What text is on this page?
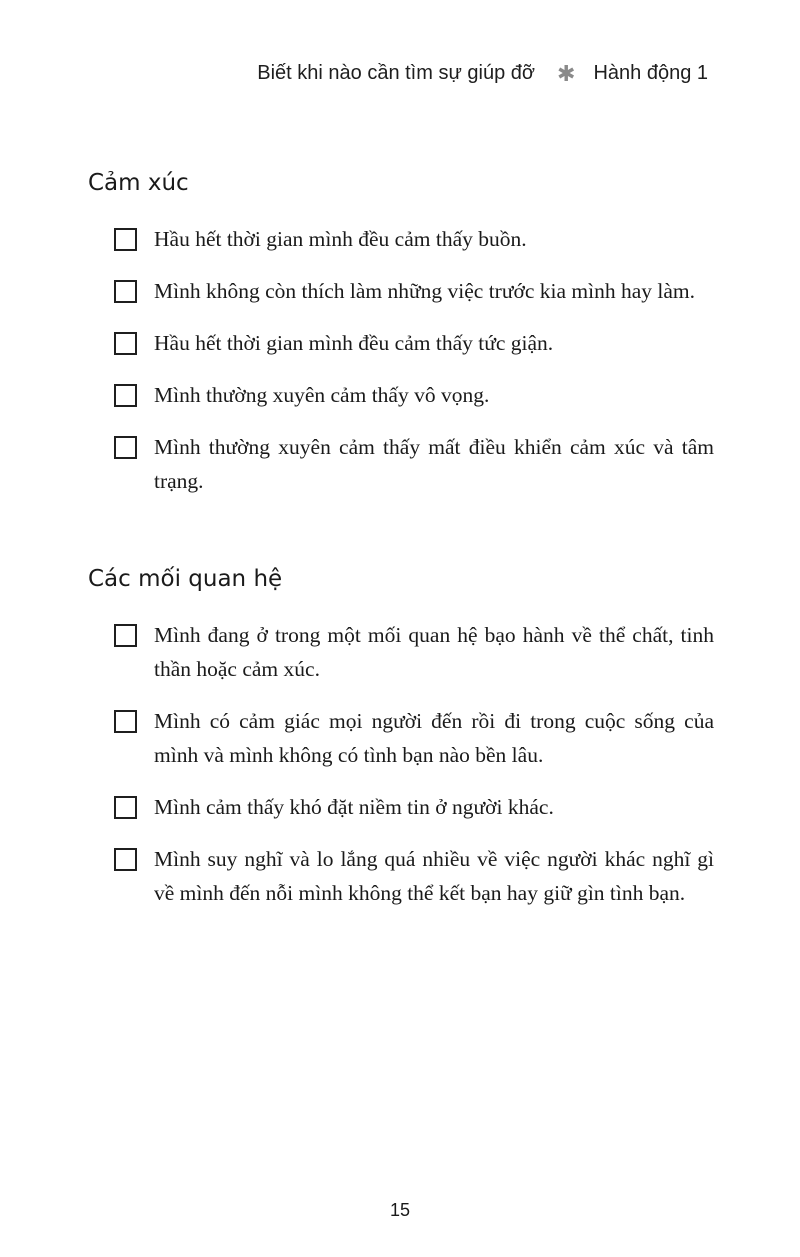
Biết khi nào cần tìm sự giúp đỡ ✱ Hành động 1
Cảm xúc
Hầu hết thời gian mình đều cảm thấy buồn.
Mình không còn thích làm những việc trước kia mình hay làm.
Hầu hết thời gian mình đều cảm thấy tức giận.
Mình thường xuyên cảm thấy vô vọng.
Mình thường xuyên cảm thấy mất điều khiển cảm xúc và tâm trạng.
Các mối quan hệ
Mình đang ở trong một mối quan hệ bạo hành về thể chất, tinh thần hoặc cảm xúc.
Mình có cảm giác mọi người đến rồi đi trong cuộc sống của mình và mình không có tình bạn nào bền lâu.
Mình cảm thấy khó đặt niềm tin ở người khác.
Mình suy nghĩ và lo lắng quá nhiều về việc người khác nghĩ gì về mình đến nỗi mình không thể kết bạn hay giữ gìn tình bạn.
15
